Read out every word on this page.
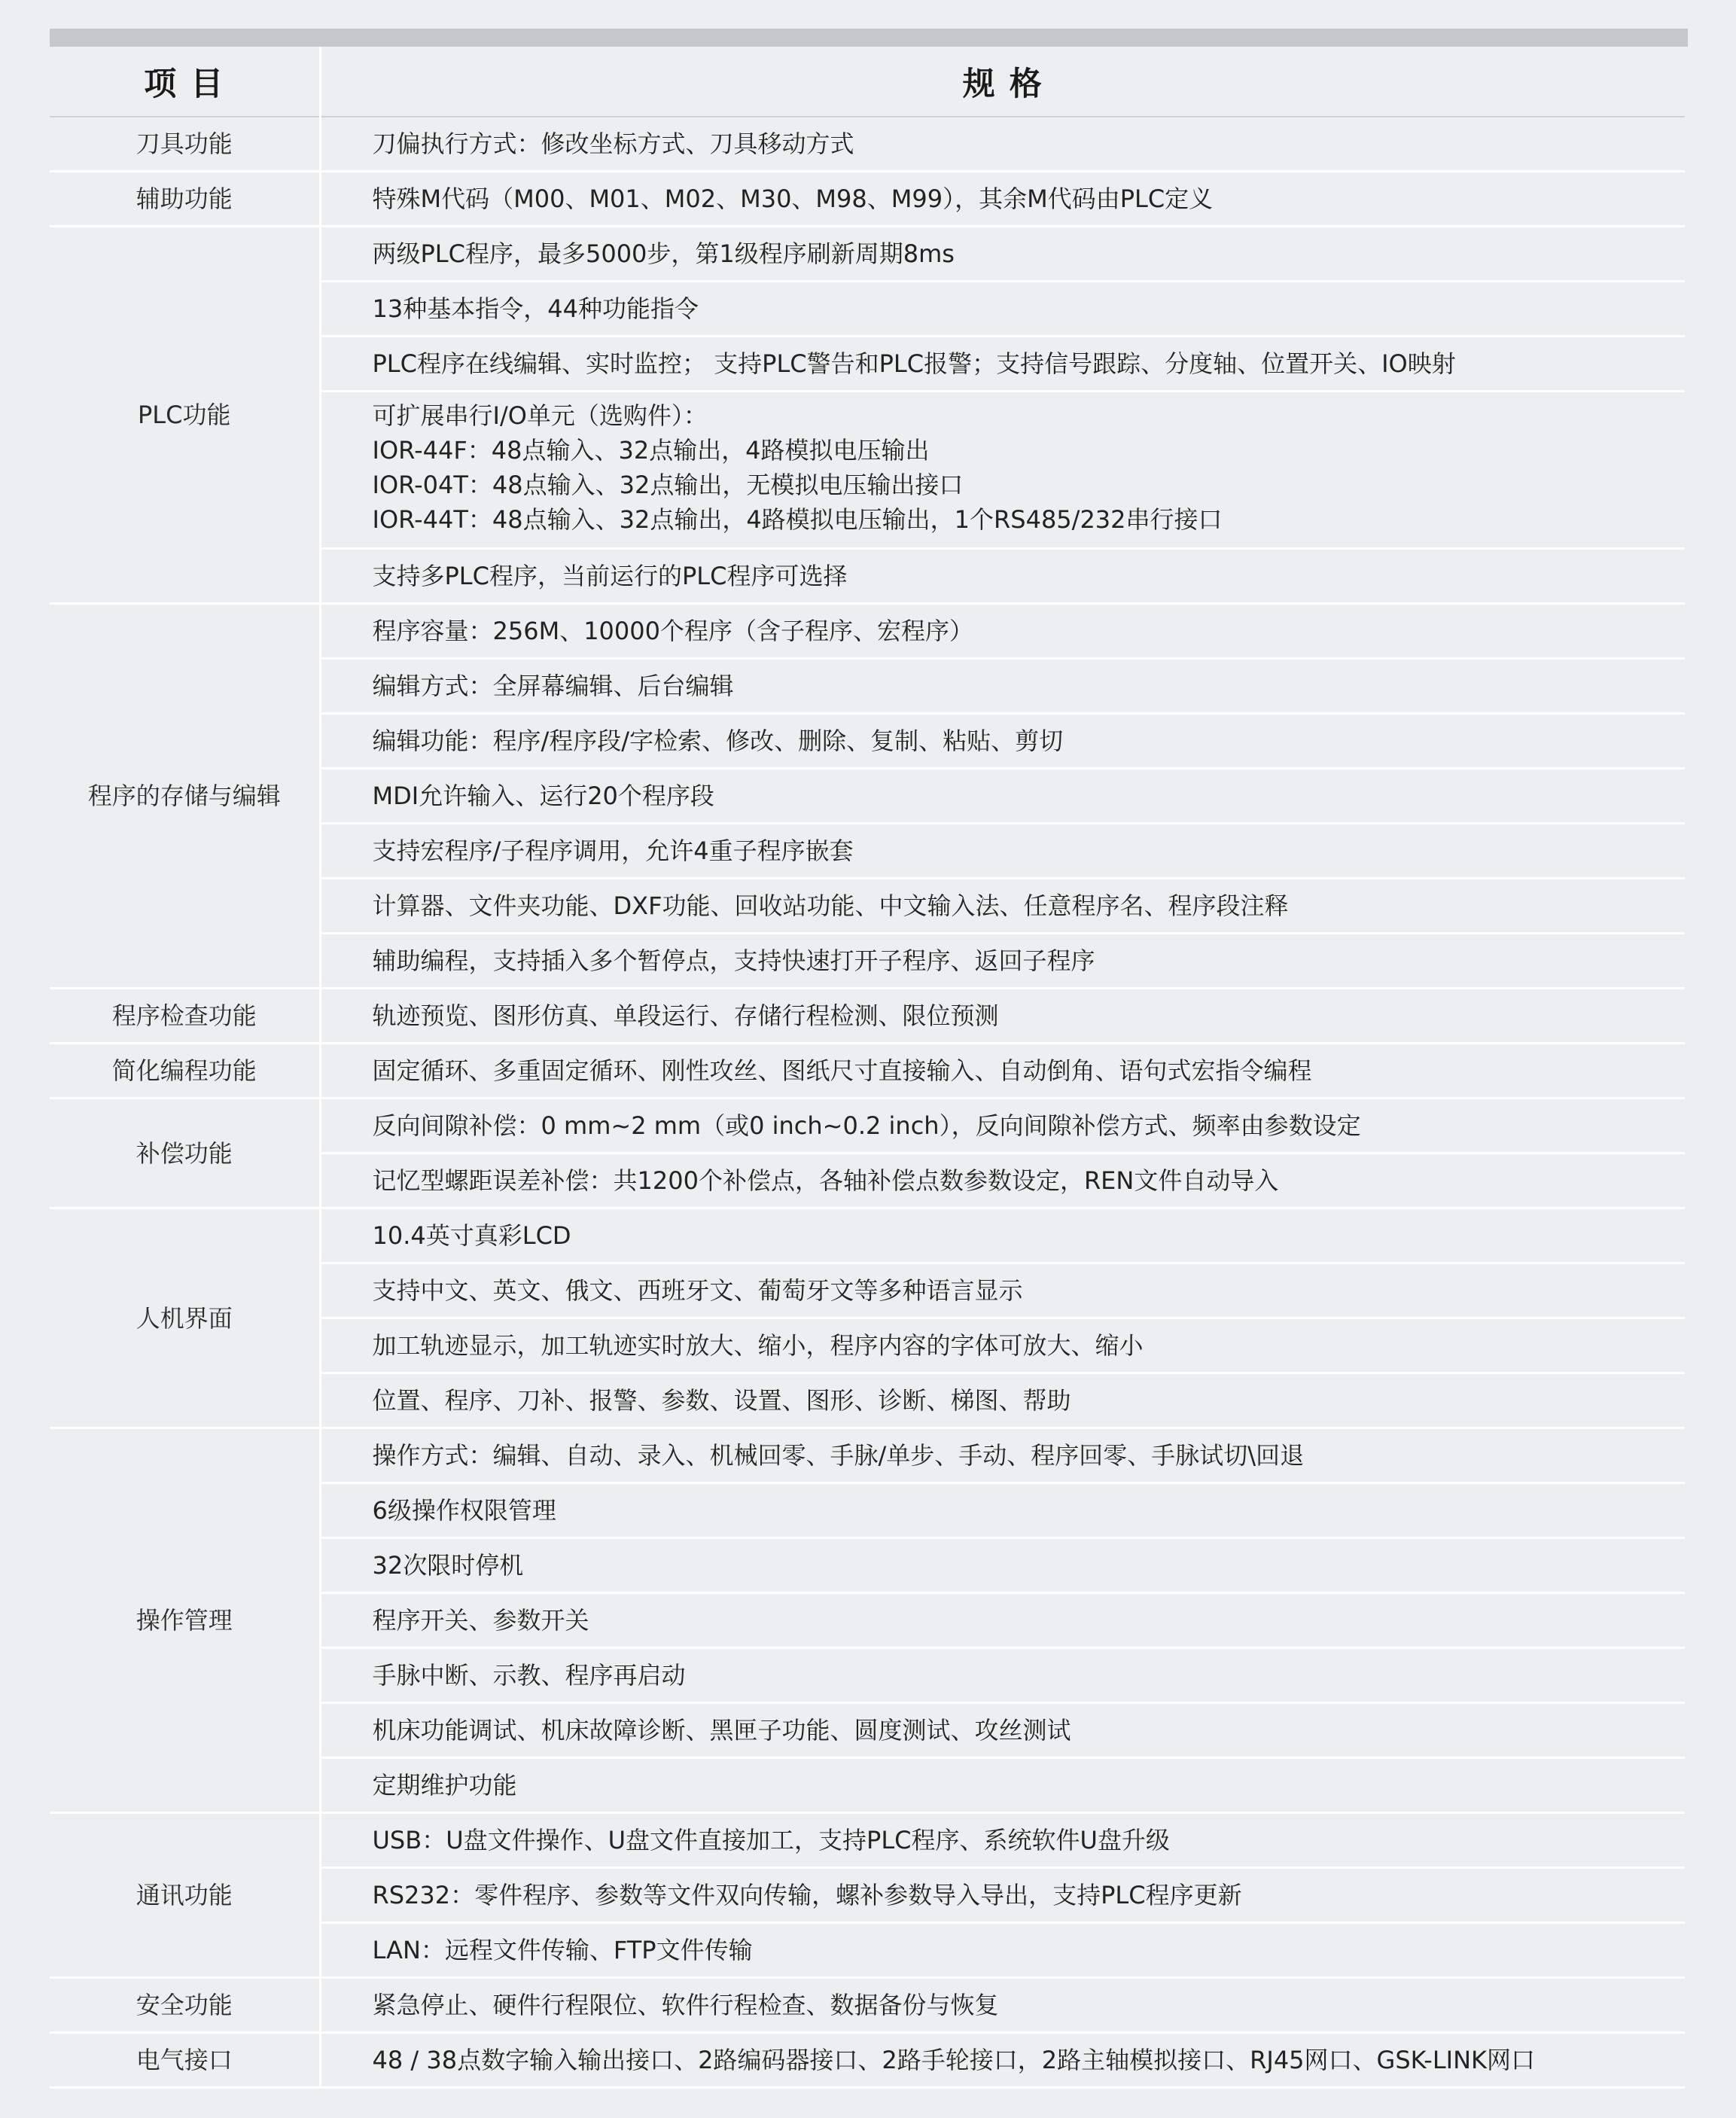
项 目	规 格
刀具功能	刀偏执行方式：修改坐标方式、刀具移动方式
辅助功能	特殊M代码（M00、M01、M02、M30、M98、M99），其余M代码由PLC定义
PLC功能	两级PLC程序，最多5000步，第1级程序刷新周期8ms
	13种基本指令，44种功能指令
	PLC程序在线编辑、实时监控； 支持PLC警告和PLC报警；支持信号跟踪、分度轴、位置开关、IO映射
	可扩展串行I/O单元（选购件）：
IOR-44F：48点输入、32点输出，4路模拟电压输出
IOR-04T：48点输入、32点输出，无模拟电压输出接口
IOR-44T：48点输入、32点输出，4路模拟电压输出，1个RS485/232串行接口
	支持多PLC程序，当前运行的PLC程序可选择
程序的存储与编辑	程序容量：256M、10000个程序（含子程序、宏程序）
	编辑方式：全屏幕编辑、后台编辑
	编辑功能：程序/程序段/字检索、修改、删除、复制、粘贴、剪切
	MDI允许输入、运行20个程序段
	支持宏程序/子程序调用，允许4重子程序嵌套
	计算器、文件夹功能、DXF功能、回收站功能、中文输入法、任意程序名、程序段注释
	辅助编程，支持插入多个暂停点，支持快速打开子程序、返回子程序
程序检查功能	轨迹预览、图形仿真、单段运行、存储行程检测、限位预测
简化编程功能	固定循环、多重固定循环、刚性攻丝、图纸尺寸直接输入、自动倒角、语句式宏指令编程
补偿功能	反向间隙补偿：0 mm~2 mm（或0 inch~0.2 inch），反向间隙补偿方式、频率由参数设定
	记忆型螺距误差补偿：共1200个补偿点，各轴补偿点数参数设定，REN文件自动导入
人机界面	10.4英寸真彩LCD
	支持中文、英文、俄文、西班牙文、葡萄牙文等多种语言显示
	加工轨迹显示，加工轨迹实时放大、缩小，程序内容的字体可放大、缩小
	位置、程序、刀补、报警、参数、设置、图形、诊断、梯图、帮助
操作管理	操作方式：编辑、自动、录入、机械回零、手脉/单步、手动、程序回零、手脉试切\回退
	6级操作权限管理
	32次限时停机
	程序开关、参数开关
	手脉中断、示教、程序再启动
	机床功能调试、机床故障诊断、黑匣子功能、圆度测试、攻丝测试
	定期维护功能
通讯功能	USB：U盘文件操作、U盘文件直接加工，支持PLC程序、系统软件U盘升级
	RS232：零件程序、参数等文件双向传输，螺补参数导入导出，支持PLC程序更新
	LAN：远程文件传输、FTP文件传输
安全功能	紧急停止、硬件行程限位、软件行程检查、数据备份与恢复
电气接口	48 / 38点数字输入输出接口、2路编码器接口、2路手轮接口，2路主轴模拟接口、RJ45网口、GSK-LINK网口
